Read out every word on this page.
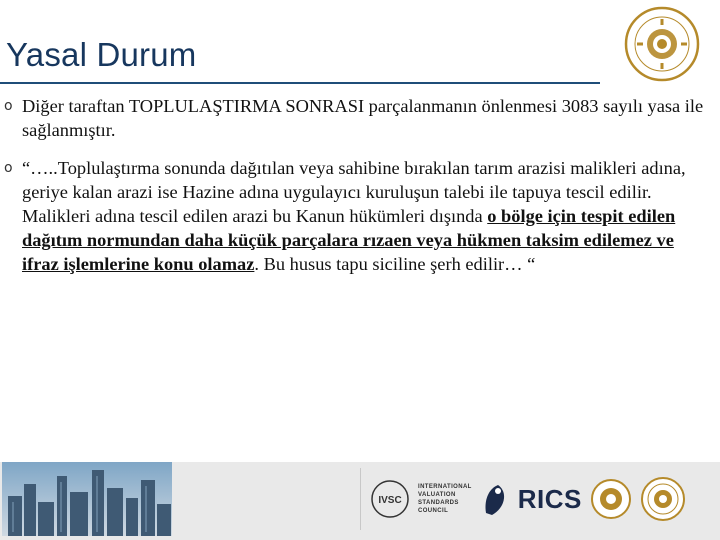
Yasal Durum
o Diğer taraftan TOPLULAŞTIRMA SONRASI parçalanmanın önlenmesi 3083 sayılı yasa ile sağlanmıştır.
o “…..Toplulaştırma sonunda dağıtılan veya sahibine bırakılan tarım arazisi malikleri adına, geriye kalan arazi ise Hazine adına uygulayıcı kuruluşun talebi ile tapuya tescil edilir. Malikleri adına tescil edilen arazi bu Kanun hükümleri dışında o bölge için tespit edilen dağıtım normundan daha küçük parçalara rızaen veya hükmen taksim edilemez ve ifraz işlemlerine konu olamaz. Bu husus tapu siciline şerh edilir… “
IVSC
INTERNATIONAL
VALUATION
STANDARDS
COUNCIL	RICS
